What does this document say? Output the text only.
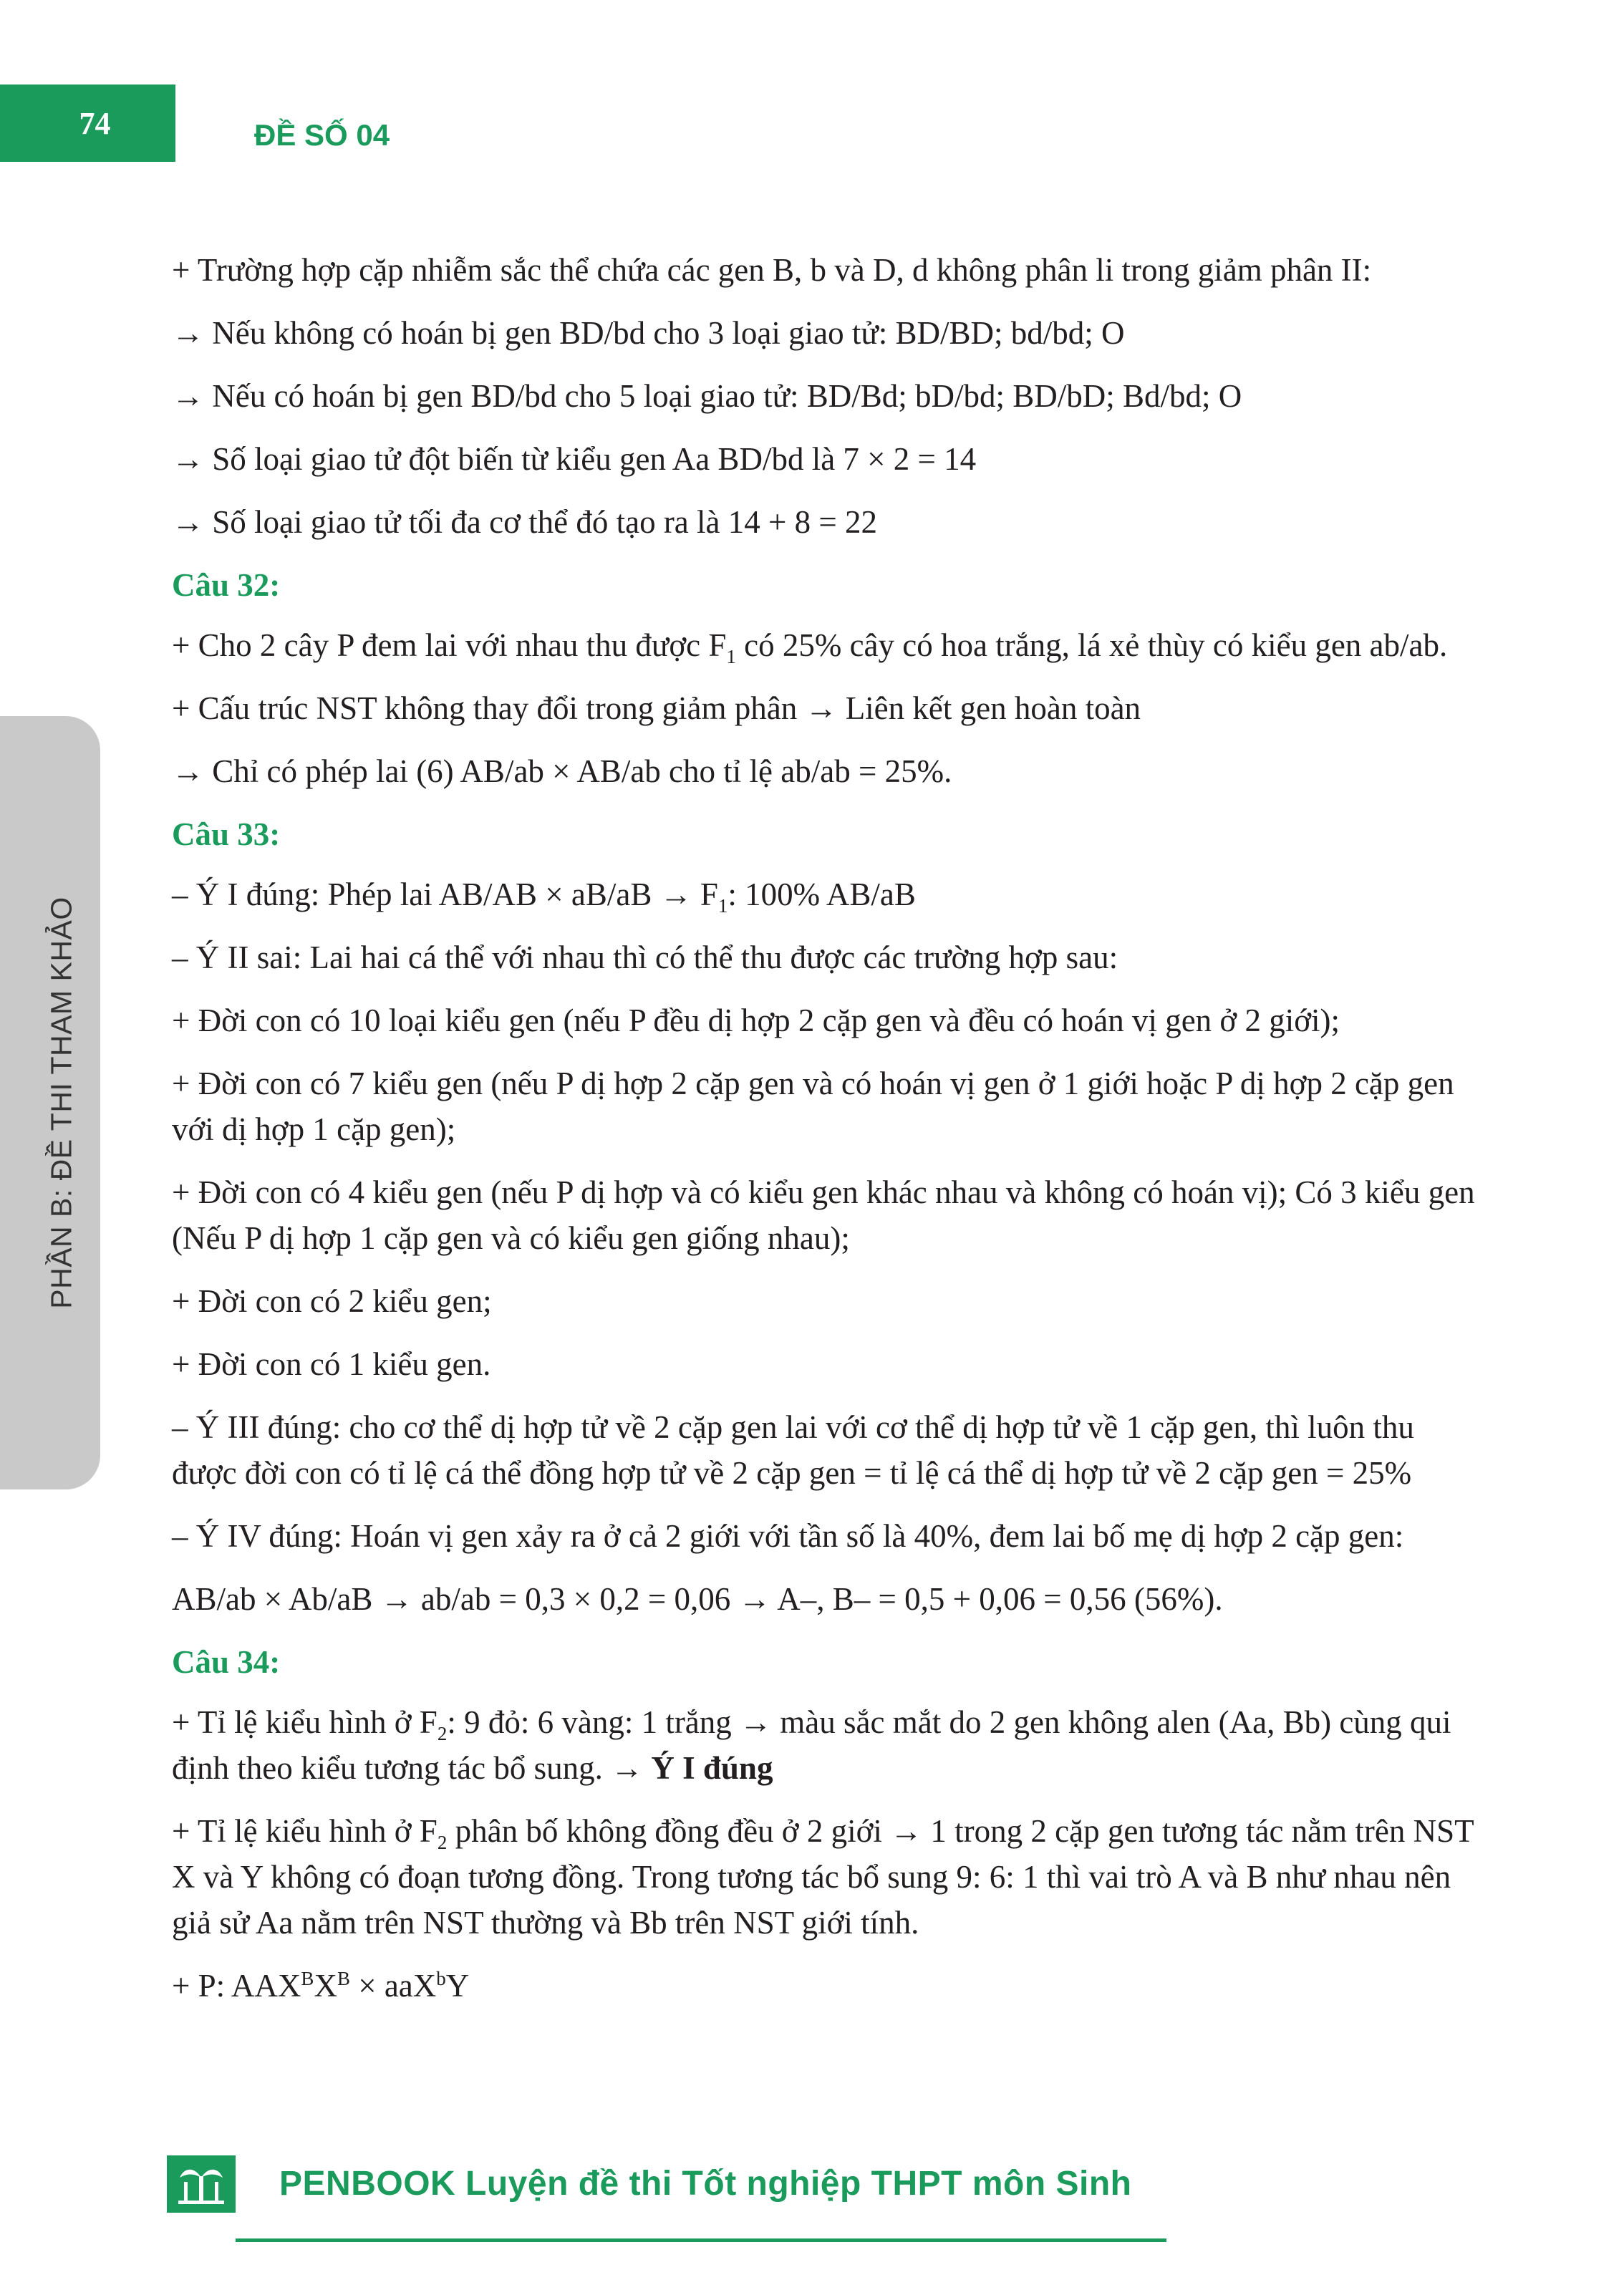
74	ĐỀ SỐ 04
PHẦN B: ĐỀ THI THAM KHẢO

+ Trường hợp cặp nhiễm sắc thể chứa các gen B, b và D, d không phân li trong giảm phân II:

→ Nếu không có hoán bị gen BD/bd cho 3 loại giao tử: BD/BD; bd/bd; O

→ Nếu có hoán bị gen BD/bd cho 5 loại giao tử: BD/Bd; bD/bd; BD/bD; Bd/bd; O

→ Số loại giao tử đột biến từ kiểu gen Aa BD/bd là 7 × 2 = 14

→ Số loại giao tử tối đa cơ thể đó tạo ra là 14 + 8 = 22

Câu 32:

+ Cho 2 cây P đem lai với nhau thu được $F_1$ có 25% cây có hoa trắng, lá xẻ thùy có kiểu gen ab/ab.

+ Cấu trúc NST không thay đổi trong giảm phân → Liên kết gen hoàn toàn

→ Chỉ có phép lai (6) AB/ab × AB/ab cho tỉ lệ ab/ab = 25%.

Câu 33:

– Ý I đúng: Phép lai $AB/AB \times aB/aB \to F_1$: 100% AB/aB

– Ý II sai: Lai hai cá thể với nhau thì có thể thu được các trường hợp sau:

+ Đời con có 10 loại kiểu gen (nếu P đều dị hợp 2 cặp gen và đều có hoán vị gen ở 2 giới);

+ Đời con có 7 kiểu gen (nếu P dị hợp 2 cặp gen và có hoán vị gen ở 1 giới hoặc P dị hợp 2 cặp gen với dị hợp 1 cặp gen);

+ Đời con có 4 kiểu gen (nếu P dị hợp và có kiểu gen khác nhau và không có hoán vị); Có 3 kiểu gen (Nếu P dị hợp 1 cặp gen và có kiểu gen giống nhau);

+ Đời con có 2 kiểu gen;

+ Đời con có 1 kiểu gen.

– Ý III đúng: cho cơ thể dị hợp tử về 2 cặp gen lai với cơ thể dị hợp tử về 1 cặp gen, thì luôn thu được đời con có tỉ lệ cá thể đồng hợp tử về 2 cặp gen = tỉ lệ cá thể dị hợp tử về 2 cặp gen = 25%

– Ý IV đúng: Hoán vị gen xảy ra ở cả 2 giới với tần số là 40%, đem lai bố mẹ dị hợp 2 cặp gen:

AB/ab × Ab/aB → ab/ab = 0,3 × 0,2 = 0,06 → A–, B– = 0,5 + 0,06 = 0,56 (56%).

Câu 34:

+ Tỉ lệ kiểu hình ở $F_2$: 9 đỏ: 6 vàng: 1 trắng → màu sắc mắt do 2 gen không alen (Aa, Bb) cùng qui định theo kiểu tương tác bổ sung. → Ý I đúng

+ Tỉ lệ kiểu hình ở $F_2$ phân bố không đồng đều ở 2 giới → 1 trong 2 cặp gen tương tác nằm trên NST X và Y không có đoạn tương đồng. Trong tương tác bổ sung 9: 6: 1 thì vai trò A và B như nhau nên giả sử Aa nằm trên NST thường và Bb trên NST giới tính.

+ P: $AAX^BX^B \times aaX^bY$

PENBOOK Luyện đề thi Tốt nghiệp THPT môn Sinh
